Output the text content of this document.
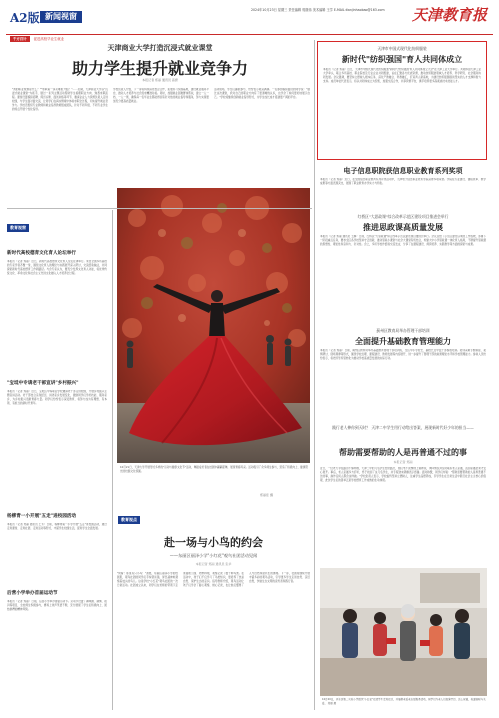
A2版 新闻视窗
2024年10月23日 星期三 责任编辑 郭继伟 美术编辑 王学 E-MAIL:tianjinhaobao@163.com 天津教育报
千方百计 促进高校毕业生就业
天津商业大学打造沉浸式就业课堂
助力学生提升就业竞争力
本报记者 郑丽 通讯员 高源
"我的职业规划是什么？""求职第一步从哪里开始？"……近期，天津商业大学以"沉浸式就业课堂"为抓手，通过一系列主题活动帮助学生梳理职业方向、熟悉求职流程。课堂设置模拟招聘、简历诊断、面试训练等环节，邀请企业人力资源负责人走进校园，与学生面对面交流，让同学们在真实情境中体验求职全过程，切实提升就业竞争力。学校还组织专业教师和就业指导教师组成团队，针对不同年级、不同专业学生的特点开展个性化指导。
学校负责人介绍，下一步将持续深化校企合作，拓展实习实践基地，建设就业服务平台，推动人才培养与社会需求精准对接。同时，加强就业困难群体帮扶，建立一人一档、一人一策，确保每一名毕业生都能得到有针对性的就业指导和服务，努力实现更加充分更高质量就业。
活动现场，学生们踊跃参与，纷纷表示收获满满。一名参加模拟面试的同学说："通过这次课堂，我对自己的职业方向有了更清晰的认识，也学会了如何更好地展示自己。"学校将继续创新就业指导形式，为学生成长成才搭建更广阔的平台。
天津市中国式现代化纺织服装
新时代"纺织强国"育人共同体成立
本报讯（记者 郑丽）近日，天津市中国式现代化纺织服装"新时代'纺织强国'育人共同体成立大会"在天津工业大学举行。共同体由天津工业大学牵头，联合多所高校、职业院校及行业企业共同组建，旨在汇聚各方优质资源，推动纺织服装领域人才培养、科学研究、社会服务协同发展。会议强调，要坚持立德树人根本任务，深化产教融合、科教融汇，打造育人新高地，为建设纺织强国提供坚实的人才支撑和智力支持。成员单位代表表示，将以共同体成立为契机，加强交流合作，共享资源平台，携手培养更多高素质技术技能人才。
电子信息职院获信息职业教育系列奖项
本报讯（记者 郑丽）近日，在全国信息职业教育系列评选活动中，天津电子信息职业技术学院获得多项荣誉。学院在专业建设、课程改革、教学成果等方面表现突出，展现了职业教育办学实力与特色。
红桥区"大思政课"综合改革示范区建设项目推进会举行
推进思政课高质量发展
本报讯（记者 郑丽 通讯员 王静）日前，红桥区"大思政课"综合改革示范区建设项目推进会举行。会议总结了示范区建设以来的工作成效，部署下一阶段重点任务，要求全区各学校坚持守正创新，推动思政小课堂与社会大课堂有机结合，构建大中小学思政课一体化育人格局，不断提升思政课的思想性、理论性和亲和力、针对性。会上，多所学校作经验交流发言，分享了在课程建设、师资培养、实践教学等方面的探索与成果。
蓟州区教育局举办管理干部培训
全面提升基础教育管理能力
本报讯（记者 郑丽）日前，蓟州区教育局举办基础教育管理干部培训班，全区中小学校长、副校长及中层干部参加培训。培训采取专题讲座、案例研讨、现场观摩等形式，围绕学校治理、课程建设、教师发展等内容展开，进一步提升了管理干部的政策理论水平和学校管理能力。参训人员纷纷表示，将把所学所思转化为推动学校高质量发展的实际行动。
践行老人捧你到天时？ 天津二中学生用行动给出答案，展现新时代好少年的担当——
帮助需要帮助的人是再普通不过的事
本报记者 郑丽
近日，一位老大爷在路边不慎摔倒，天津二中的几名学生恰好路过，他们毫不犹豫地上前搀扶，询问情况并及时联系老人家属，直到家属赶来才安心离开。事后，老人家属多方打听，终于找到了这几名学生，并专程送来锦旗表示感谢。面对称赞，同学们却说："帮助需要帮助的人是再普通不过的事，换作任何人都会这样做。"学校负责人表示，学校始终坚持立德树人，注重学生品德养成，引导学生在日常生活中践行社会主义核心价值观，此次学生们的善举正是学校德育工作成效的生动体现。
教育视窗
新时代高校德育文化育人论坛举行
本报讯（记者 郑丽）近日，新时代高校德育文化育人论坛在津举行。来自全国多所高校的专家学者齐聚一堂，围绕文化育人的理论与实践展开深入研讨，交流经验做法，共同探索新时代高校德育工作新路径。与会专家认为，要充分发挥文化育人功能，将优秀传统文化、革命文化和社会主义先进文化融入人才培养全过程。
"宝坻中专请老干部宣讲"乡村振兴"
本报讯（记者 郑丽）近日，宝坻区中等职业学校邀请老干部走进校园，开展乡村振兴主题宣讲活动。老干部结合亲身经历，讲述家乡发展变化，激励同学们学好技能、服务家乡，为乡村振兴贡献青春力量。同学们纷纷表示深受教育，将努力成为有理想、有本领、有担当的新时代青年。
杨柳青一小开展"五走"进校园活动
本报讯（记者 郑丽 通讯员 王芳）日前，杨柳青第一小学开展"五走"进校园活动，通过走进课堂、走进社团、走进活动等形式，丰富学生校园生活，促进学生全面发展。
后营小学举办首届运动节
本报讯（记者 郑丽）日前，后营小学举办首届运动节。运动节设置了趣味跑、跳绳、拔河等项目，全校师生积极参与，赛场上欢声笑语不断，充分展现了学生们积极向上、团结拼搏的精神风貌。
10月21日，天津大学开展形式多样的"运动与健康文化节"活动，舞蹈爱好者在校园中翩翩起舞，展现青春风采。活动吸引了众多师生参与，营造了积极向上、健康阳光的校园文化氛围。
郑丽佳 摄
教育视点
赴一场与小鸟的约会
——东丽区丽泽小学"小红花"观鸟社团活动见闻
本报记者 郑丽 通讯员 张华
"快看！那里有只小鸟！"清晨，东丽区丽泽小学的校园里，观鸟社团的同学们手持望远镜，屏息凝神地观察着枝头的鸟儿。这是学校"小红花"观鸟社团的一次日常活动。社团成立以来，同学们在老师的带领下走进湿地公园、郊野林地，观察记录了数十种鸟类。在活动中，孩子们不仅学习了鸟类知识，更培养了热爱自然、保护生态的意识。指导教师介绍，观鸟活动让孩子们学会了耐心观察、细心记录，也让他们懂得了人与自然和谐共生的道理。下一步，社团将继续开展丰富多彩的观鸟活动，引导更多学生走进自然、亲近自然，争做生态文明的宣传者和践行者。
10月20日，河东区第二实验小学组织"小红花"社团学生走进社区，开展敬老爱老志愿服务活动，同学们为老人们表演节目、送上祝福，传递温暖与关爱。 郑丽 摄
